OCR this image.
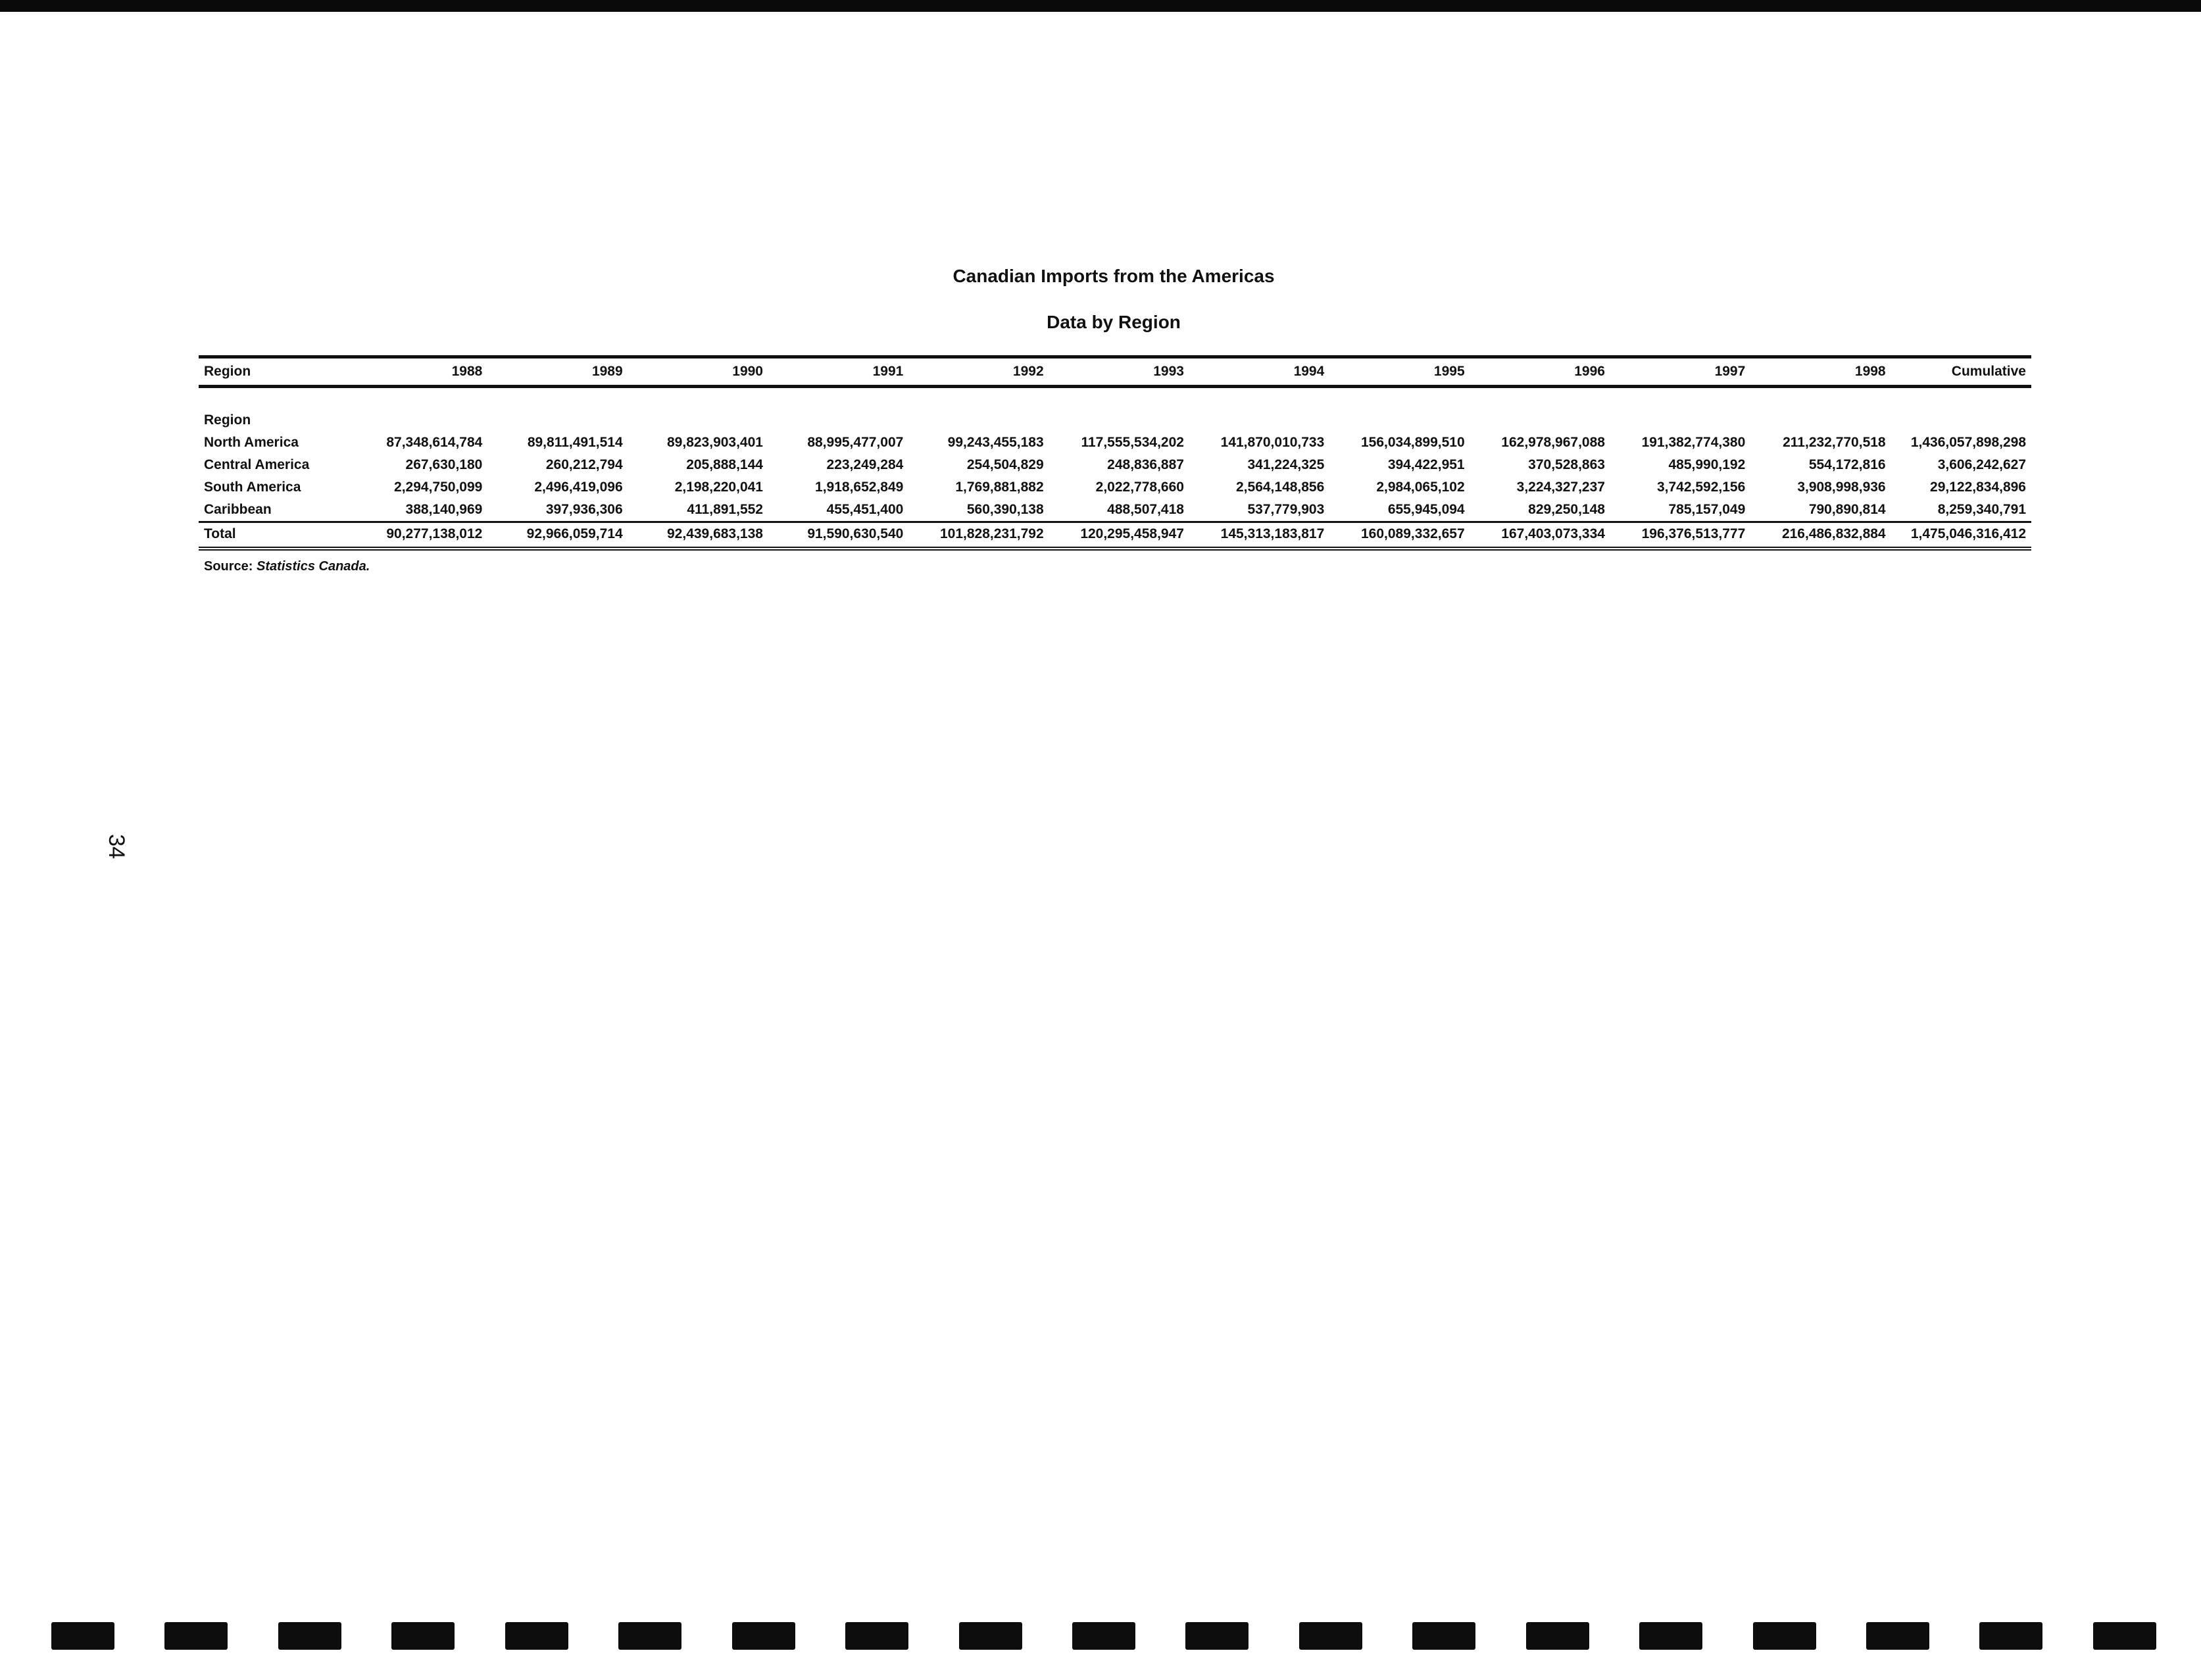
Canadian Imports from the Americas
Data by Region
Region	1988	1989	1990	1991	1992	1993	1994	1995	1996	1997	1998	Cumulative

Region												
North America	87,348,614,784	89,811,491,514	89,823,903,401	88,995,477,007	99,243,455,183	117,555,534,202	141,870,010,733	156,034,899,510	162,978,967,088	191,382,774,380	211,232,770,518	1,436,057,898,298
Central America	267,630,180	260,212,794	205,888,144	223,249,284	254,504,829	248,836,887	341,224,325	394,422,951	370,528,863	485,990,192	554,172,816	3,606,242,627
South America	2,294,750,099	2,496,419,096	2,198,220,041	1,918,652,849	1,769,881,882	2,022,778,660	2,564,148,856	2,984,065,102	3,224,327,237	3,742,592,156	3,908,998,936	29,122,834,896
Caribbean	388,140,969	397,936,306	411,891,552	455,451,400	560,390,138	488,507,418	537,779,903	655,945,094	829,250,148	785,157,049	790,890,814	8,259,340,791
Total	90,277,138,012	92,966,059,714	92,439,683,138	91,590,630,540	101,828,231,792	120,295,458,947	145,313,183,817	160,089,332,657	167,403,073,334	196,376,513,777	216,486,832,884	1,475,046,316,412
Source: Statistics Canada.
34
